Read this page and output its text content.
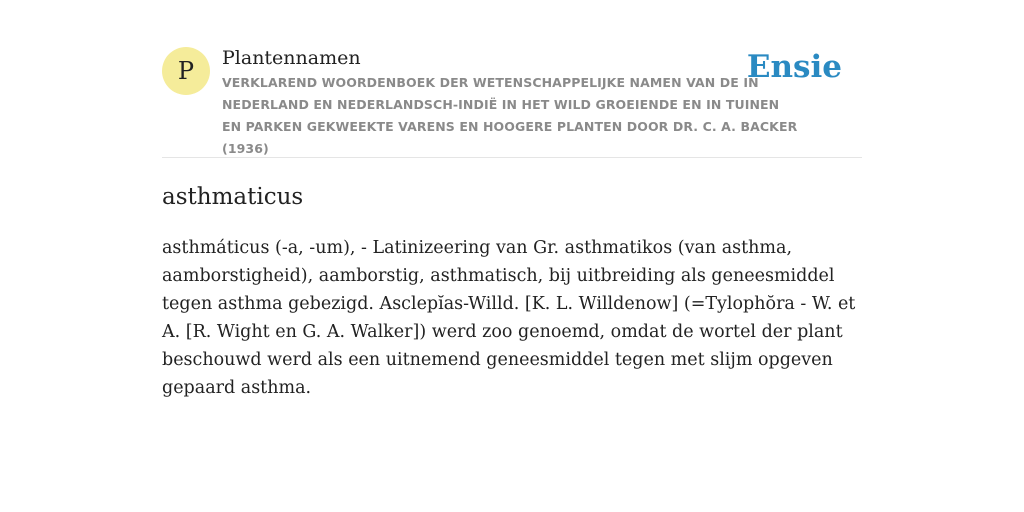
P	Plantennamen
VERKLAREND WOORDENBOEK DER WETENSCHAPPELIJKE NAMEN VAN DE IN NEDERLAND EN NEDERLANDSCH-INDIË IN HET WILD GROEIENDE EN IN TUINEN EN PARKEN GEKWEEKTE VARENS EN HOOGERE PLANTEN DOOR DR. C. A. BACKER (1936)
Ensie
asthmaticus
asthmáticus (-a, -um), - Latinizeering van Gr. asthmatikos (van asthma, aamborstigheid), aamborstig, asthmatisch, bij uitbreiding als geneesmiddel tegen asthma gebezigd. Asclepĭas-Willd. [K. L. Willdenow] (=Tylophŏra - W. et A. [R. Wight en G. A. Walker]) werd zoo genoemd, omdat de wortel der plant beschouwd werd als een uitnemend geneesmiddel tegen met slijm opgeven gepaard asthma.
